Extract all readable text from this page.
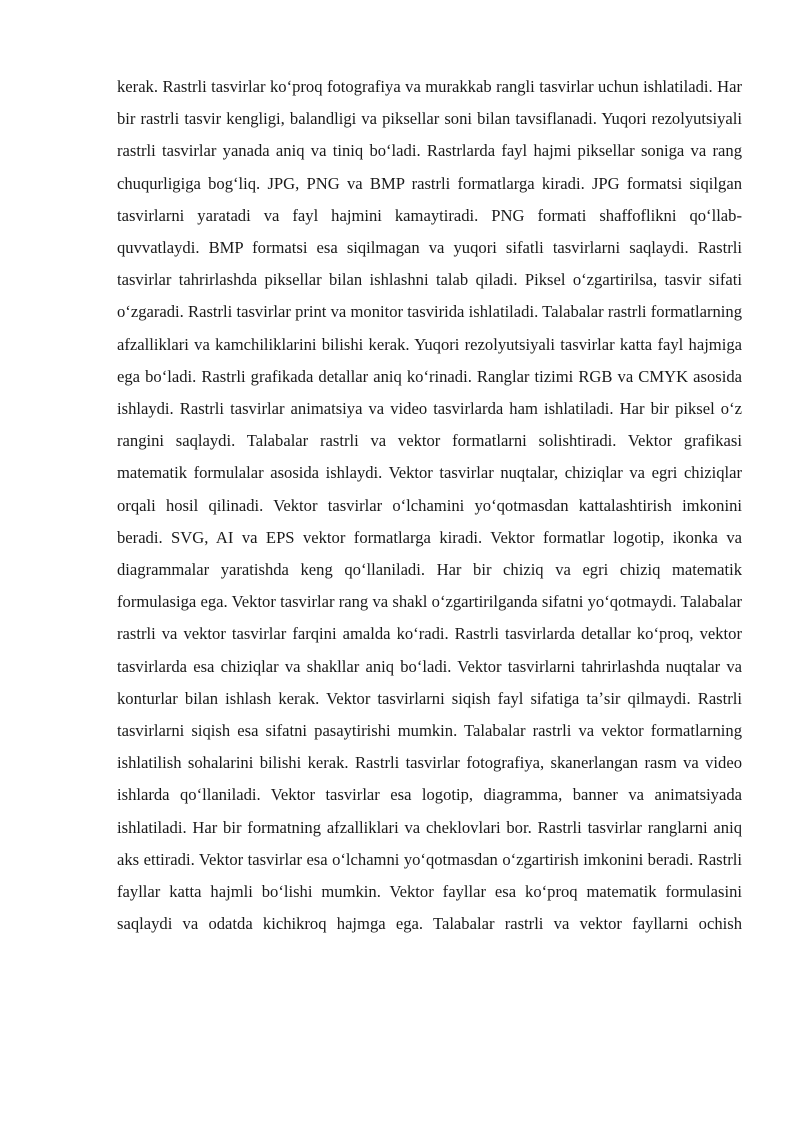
kerak. Rastrli tasvirlar koʻproq fotografiya va murakkab rangli tasvirlar uchun ishlatiladi. Har bir rastrli tasvir kengligi, balandligi va piksellar soni bilan tavsiflanadi. Yuqori rezolyutsiyali rastrli tasvirlar yanada aniq va tiniq boʻladi. Rastrlarda fayl hajmi piksellar soniga va rang chuqurligiga bogʻliq. JPG, PNG va BMP rastrli formatlarga kiradi. JPG formatsi siqilgan tasvirlarni yaratadi va fayl hajmini kamaytiradi. PNG formati shaffoflikni qoʻllab-quvvatlaydi. BMP formatsi esa siqilmagan va yuqori sifatli tasvirlarni saqlaydi. Rastrli tasvirlar tahrirlashda piksellar bilan ishlashni talab qiladi. Piksel oʻzgartirilsa, tasvir sifati oʻzgaradi. Rastrli tasvirlar print va monitor tasvirida ishlatiladi. Talabalar rastrli formatlarning afzalliklari va kamchiliklarini bilishi kerak. Yuqori rezolyutsiyali tasvirlar katta fayl hajmiga ega boʻladi. Rastrli grafikada detallar aniq koʻrinadi. Ranglar tizimi RGB va CMYK asosida ishlaydi. Rastrli tasvirlar animatsiya va video tasvirlarda ham ishlatiladi. Har bir piksel oʻz rangini saqlaydi. Talabalar rastrli va vektor formatlarni solishtiradi. Vektor grafikasi matematik formulalar asosida ishlaydi. Vektor tasvirlar nuqtalar, chiziqlar va egri chiziqlar orqali hosil qilinadi. Vektor tasvirlar oʻlchamini yoʻqotmasdan kattalashtirish imkonini beradi. SVG, AI va EPS vektor formatlarga kiradi. Vektor formatlar logotip, ikonka va diagrammalar yaratishda keng qoʻllaniladi. Har bir chiziq va egri chiziq matematik formulasiga ega. Vektor tasvirlar rang va shakl oʻzgartirilganda sifatni yoʻqotmaydi. Talabalar rastrli va vektor tasvirlar farqini amalda koʻradi. Rastrli tasvirlarda detallar koʻproq, vektor tasvirlarda esa chiziqlar va shakllar aniq boʻladi. Vektor tasvirlarni tahrirlashda nuqtalar va konturlar bilan ishlash kerak. Vektor tasvirlarni siqish fayl sifatiga taʼsir qilmaydi. Rastrli tasvirlarni siqish esa sifatni pasaytirishi mumkin. Talabalar rastrli va vektor formatlarning ishlatilish sohalarini bilishi kerak. Rastrli tasvirlar fotografiya, skanerlangan rasm va video ishlarda qoʻllaniladi. Vektor tasvirlar esa logotip, diagramma, banner va animatsiyada ishlatiladi. Har bir formatning afzalliklari va cheklovlari bor. Rastrli tasvirlar ranglarni aniq aks ettiradi. Vektor tasvirlar esa oʻlchamni yoʻqotmasdan oʻzgartirish imkonini beradi. Rastrli fayllar katta hajmli boʻlishi mumkin. Vektor fayllar esa koʻproq matematik formulasini saqlaydi va odatda kichikroq hajmga ega. Talabalar rastrli va vektor fayllarni ochish
